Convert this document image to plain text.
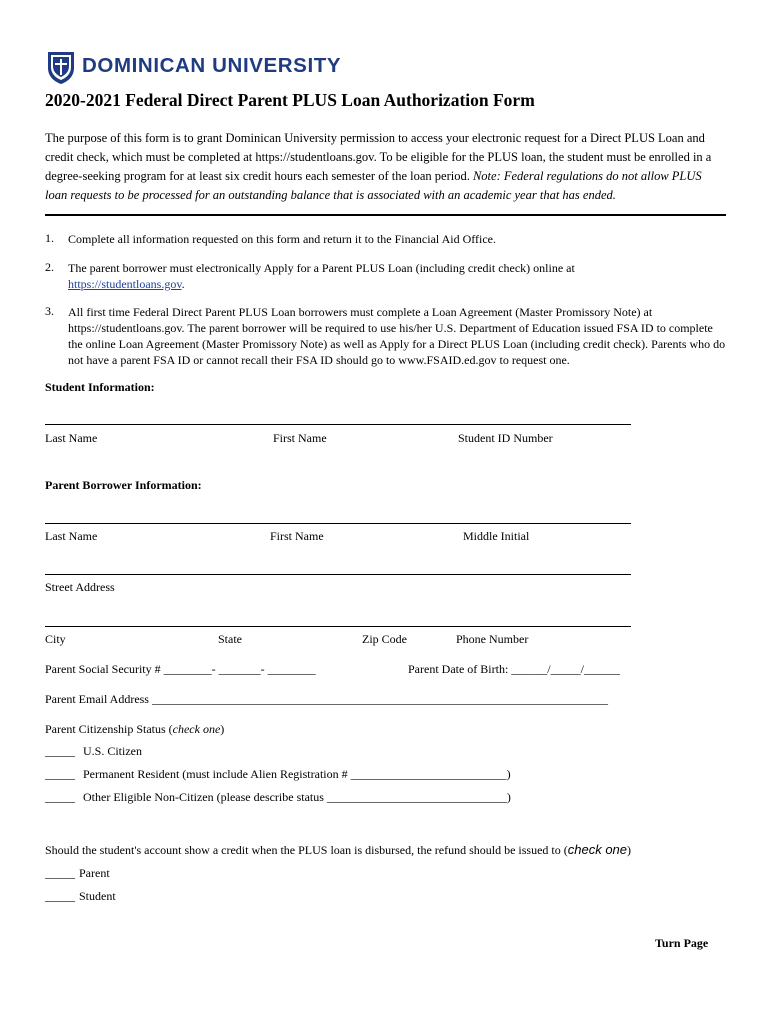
DOMINICAN UNIVERSITY
2020-2021 Federal Direct Parent PLUS Loan Authorization Form
The purpose of this form is to grant Dominican University permission to access your electronic request for a Direct PLUS Loan and credit check, which must be completed at https://studentloans.gov. To be eligible for the PLUS loan, the student must be enrolled in a degree-seeking program for at least six credit hours each semester of the loan period. Note: Federal regulations do not allow PLUS loan requests to be processed for an outstanding balance that is associated with an academic year that has ended.
1. Complete all information requested on this form and return it to the Financial Aid Office.
2. The parent borrower must electronically Apply for a Parent PLUS Loan (including credit check) online at
https://studentloans.gov.
3. All first time Federal Direct Parent PLUS Loan borrowers must complete a Loan Agreement (Master Promissory Note) at https://studentloans.gov. The parent borrower will be required to use his/her U.S. Department of Education issued FSA ID to complete the online Loan Agreement (Master Promissory Note) as well as Apply for a Direct PLUS Loan (including credit check). Parents who do not have a parent FSA ID or cannot recall their FSA ID should go to www.FSAID.ed.gov to request one.
Student Information:
Last Name	First Name	Student ID Number
Parent Borrower Information:
Last Name	First Name	Middle Initial
Street Address
City	State	Zip Code	Phone Number
Parent Social Security # ________- _______- ________	Parent Date of Birth: ______/_____/______
Parent Email Address ____________________________________________________________________________
Parent Citizenship Status (check one)
_____ U.S. Citizen
_____ Permanent Resident (must include Alien Registration # __________________________)
_____ Other Eligible Non-Citizen (please describe status ______________________________)
Should the student's account show a credit when the PLUS loan is disbursed, the refund should be issued to (check one)
_____ Parent
_____ Student
Turn Page
